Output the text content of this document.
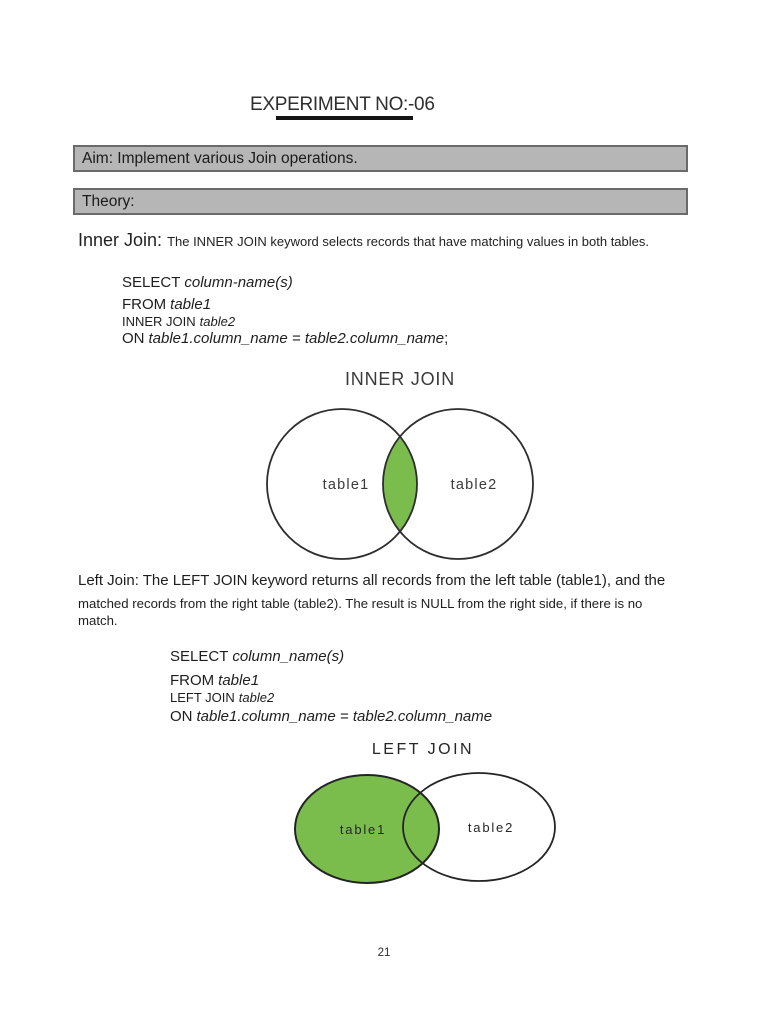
EXPERIMENT NO:-06
Aim: Implement various Join operations.
Theory:
Inner Join: The INNER JOIN keyword selects records that have matching values in both tables.
SELECT column-name(s)
FROM table1
INNER JOIN table2
ON table1.column_name = table2.column_name;
INNER JOIN
table1	table2
Left Join: The LEFT JOIN keyword returns all records from the left table (table1), and the
matched records from the right table (table2). The result is NULL from the right side, if there is no
match.
SELECT column_name(s)
FROM table1
LEFT JOIN table2
ON table1.column_name = table2.column_name
LEFT JOIN
table1	table2
21
